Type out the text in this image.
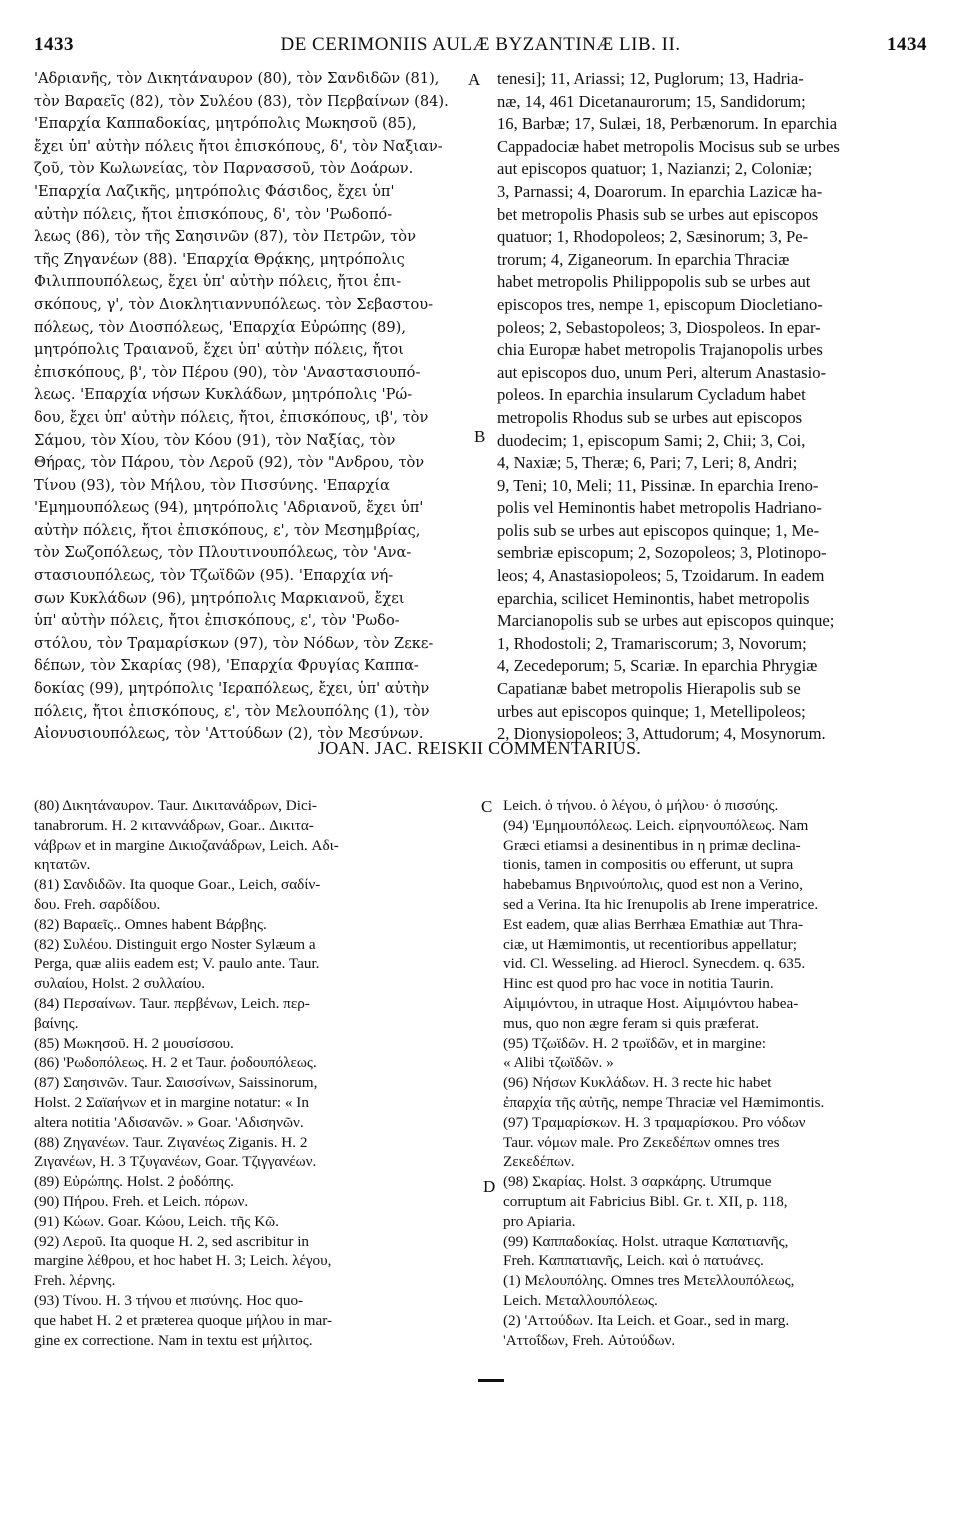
1433	DE CERIMONIIS AULÆ BYZANTINÆ LIB. II.	1434
'Αδριανῆς, τὸν Δικητάναυρον (80), τὸν Σανδιδῶν (81),
τὸν Βαραεῖς (82), τὸν Συλέου (83), τὸν Περβαίνων (84).
'Επαρχία Καππαδοκίας, μητρόπολις Μωκησοῦ (85),
ἔχει ὑπ' αὐτὴν πόλεις ἤτοι ἐπισκόπους, δ', τὸν Ναξιαν-
ζοῦ, τὸν Κωλωνείας, τὸν Παρνασσοῦ, τὸν Δοάρων.
'Επαρχία Λαζικῆς, μητρόπολις Φάσιδος, ἔχει ὑπ'
αὐτὴν πόλεις, ἤτοι ἐπισκόπους, δ', τὸν 'Ρωδοπό-
λεως (86), τὸν τῆς Σαησινῶν (87), τὸν Πετρῶν, τὸν
τῆς Ζηγανέων (88). 'Επαρχία Θρᾴκης, μητρόπολις
Φιλιππουπόλεως, ἔχει ὑπ' αὐτὴν πόλεις, ἤτοι ἐπι-
σκόπους, γ', τὸν Διοκλητιαννυπόλεως. τὸν Σεβαστου-
πόλεως, τὸν Διοσπόλεως, 'Επαρχία Εὐρώπης (89),
μητρόπολις Τραιανοῦ, ἔχει ὑπ' αὐτὴν πόλεις, ἤτοι
ἐπισκόπους, β', τὸν Πέρου (90), τὸν 'Αναστασιουπό-
λεως. 'Επαρχία νήσων Κυκλάδων, μητρόπολις 'Ρώ-
δου, ἔχει ὑπ' αὐτὴν πόλεις, ἤτοι, ἐπισκόπους, ιβ', τὸν
Σάμου, τὸν Χίου, τὸν Κόου (91), τὸν Ναξίας, τὸν
Θήρας, τὸν Πάρου, τὸν Λεροῦ (92), τὸν "Ανδρου, τὸν
Τίνου (93), τὸν Μήλου, τὸν Πισσύνης. 'Επαρχία
'Εμημουπόλεως (94), μητρόπολις 'Αδριανοῦ, ἔχει ὑπ'
αὐτὴν πόλεις, ἤτοι ἐπισκόπους, ε', τὸν Μεσημβρίας,
τὸν Σωζοπόλεως, τὸν Πλουτινουπόλεως, τὸν 'Ανα-
στασιουπόλεως, τὸν Τζωϊδῶν (95). 'Επαρχία νή-
σων Κυκλάδων (96), μητρόπολις Μαρκιανοῦ, ἔχει
ὑπ' αὐτὴν πόλεις, ἤτοι ἐπισκόπους, ε', τὸν 'Ρωδο-
στόλου, τὸν Τραμαρίσκων (97), τὸν Νόδων, τὸν Ζεκε-
δέπων, τὸν Σκαρίας (98), 'Επαρχία Φρυγίας Καππα-
δοκίας (99), μητρόπολις 'Ιεραπόλεως, ἔχει, ὑπ' αὐτὴν
πόλεις, ἤτοι ἐπισκόπους, ε', τὸν Μελουπόλης (1), τὸν
Αἰονυσιουπόλεως, τὸν 'Αττούδων (2), τὸν Μεσύνων.
tenesi]; 11, Ariassi; 12, Puglorum; 13, Hadria-
næ, 14, 461 Dicetanaurorum; 15, Sandidorum;
16, Barbæ; 17, Sulæi, 18, Perbænorum. In eparchia
Cappadociæ habet metropolis Mocisus sub se urbes
aut episcopos quatuor; 1, Nazianzi; 2, Coloniæ;
3, Parnassi; 4, Doarorum. In eparchia Lazicæ ha-
bet metropolis Phasis sub se urbes aut episcopos
quatuor; 1, Rhodopoleos; 2, Sæsinorum; 3, Pe-
trorum; 4, Ziganeorum. In eparchia Thraciæ
habet metropolis Philippopolis sub se urbes aut
episcopos tres, nempe 1, episcopum Diocletiano-
poleos; 2, Sebastopoleos; 3, Diospoleos. In epar-
chia Europæ habet metropolis Trajanopolis urbes
aut episcopos duo, unum Peri, alterum Anastasio-
poleos. In eparchia insularum Cycladum habet
metropolis Rhodus sub se urbes aut episcopos
duodecim; 1, episcopum Sami; 2, Chii; 3, Coi,
4, Naxiæ; 5, Theræ; 6, Pari; 7, Leri; 8, Andri;
9, Teni; 10, Meli; 11, Pissinæ. In eparchia Ireno-
polis vel Heminontis habet metropolis Hadriano-
polis sub se urbes aut episcopos quinque; 1, Me-
sembriæ episcopum; 2, Sozopoleos; 3, Plotinopo-
leos; 4, Anastasiopoleos; 5, Tzoidarum. In eadem
eparchia, scilicet Heminontis, habet metropolis
Marcianopolis sub se urbes aut episcopos quinque;
1, Rhodostoli; 2, Tramariscorum; 3, Novorum;
4, Zecedeporum; 5, Scariæ. In eparchia Phrygiæ
Capatianæ babet metropolis Hierapolis sub se
urbes aut episcopos quinque; 1, Metellipoleos;
2, Dionysiopoleos; 3, Attudorum; 4, Mosynorum.
A
B
C
D
JOAN. JAC. REISKII COMMENTARIUS.
(80) Δικητάναυρον. Taur. Δικιτανάδρων, Dici-
tanabrorum. H. 2 κιταννάδρων, Goar.. Δικιτα-
νάβρων et in margine Δικιοζανάδρων, Leich. Αδι-
κητατῶν.
(81) Σανδιδῶν. Ita quoque Goar., Leich, σαδίν-
δου. Freh. σαρδίδου.
(82) Βαραεῖς.. Omnes habent Βάρβης.
(82) Συλέου. Distinguit ergo Noster Sylæum a
Perga, quæ aliis eadem est; V. paulo ante. Taur.
συλαίου, Holst. 2 συλλαίου.
(84) Περσαίνων. Taur. περβένων, Leich. περ-
βαίνης.
(85) Μωκησοῦ. H. 2 μουσίσσου.
(86) 'Ρωδοπόλεως. H. 2 et Taur. ῥοδουπόλεως.
(87) Σαησινῶν. Taur. Σαισσίνων, Saissinorum,
Holst. 2 Σαϊαήνων et in margine notatur: « In
altera notitia 'Αδισανῶν. » Goar. 'Αδισηνῶν.
(88) Ζηγανέων. Taur. Ζιγανέως Ziganis. H. 2
Ζιγανέων, H. 3 Τζυγανέων, Goar. Τζιγγανέων.
(89) Εὐρώπης. Holst. 2 ῥοδόπης.
(90) Πήρου. Freh. et Leich. πόρων.
(91) Κώων. Goar. Κώου, Leich. τῆς Κῶ.
(92) Λεροῦ. Ita quoque H. 2, sed ascribitur in
margine λέθρου, et hoc habet H. 3; Leich. λέγου,
Freh. λέρνης.
(93) Τίνου. H. 3 τήνου et πισύνης. Hoc quo-
que habet H. 2 et præterea quoque μήλου in mar-
gine ex correctione. Nam in textu est μήλιτος.
Leich. ὁ τήνου. ὁ λέγου, ὁ μήλου· ὁ πισσύης.
(94) 'Εμημουπόλεως. Leich. εἰρηνουπόλεως. Nam
Græci etiamsi a desinentibus in η primæ declina-
tionis, tamen in compositis ου efferunt, ut supra
habebamus Βηρινούπολις, quod est non a Verino,
sed a Verina. Ita hic Irenupolis ab Irene imperatrice.
Est eadem, quæ alias Berrhæa Emathiæ aut Thra-
ciæ, ut Hæmimontis, ut recentioribus appellatur;
vid. Cl. Wesseling. ad Hierocl. Synecdem. q. 635.
Hinc est quod pro hac voce in notitia Taurin.
Αἰμιμόντου, in utraque Host. Αἰμιμόντου habea-
mus, quo non ægre feram si quis præferat.
(95) Τζωϊδῶν. H. 2 τρωϊδῶν, et in margine:
« Alibi τζωϊδῶν. »
(96) Νήσων Κυκλάδων. H. 3 recte hic habet
ἐπαρχία τῆς αὐτῆς, nempe Thraciæ vel Hæmimontis.
(97) Τραμαρίσκων. H. 3 τραμαρίσκου. Pro νόδων
Taur. νόμων male. Pro Ζεκεδέπων omnes tres
Ζεκεδέπων.
(98) Σκαρίας. Holst. 3 σαρκάρης. Utrumque
corruptum ait Fabricius Bibl. Gr. t. XII, p. 118,
pro Apiaria.
(99) Καππαδοκίας. Holst. utraque Καπατιανῆς,
Freh. Καππατιανῆς, Leich. καὶ ὁ πατυάνες.
(1) Μελουπόλης. Omnes tres Μετελλουπόλεως,
Leich. Μεταλλουπόλεως.
(2) 'Αττούδων. Ita Leich. et Goar., sed in marg.
'Αττοΐδων, Freh. Αὐτούδων.
